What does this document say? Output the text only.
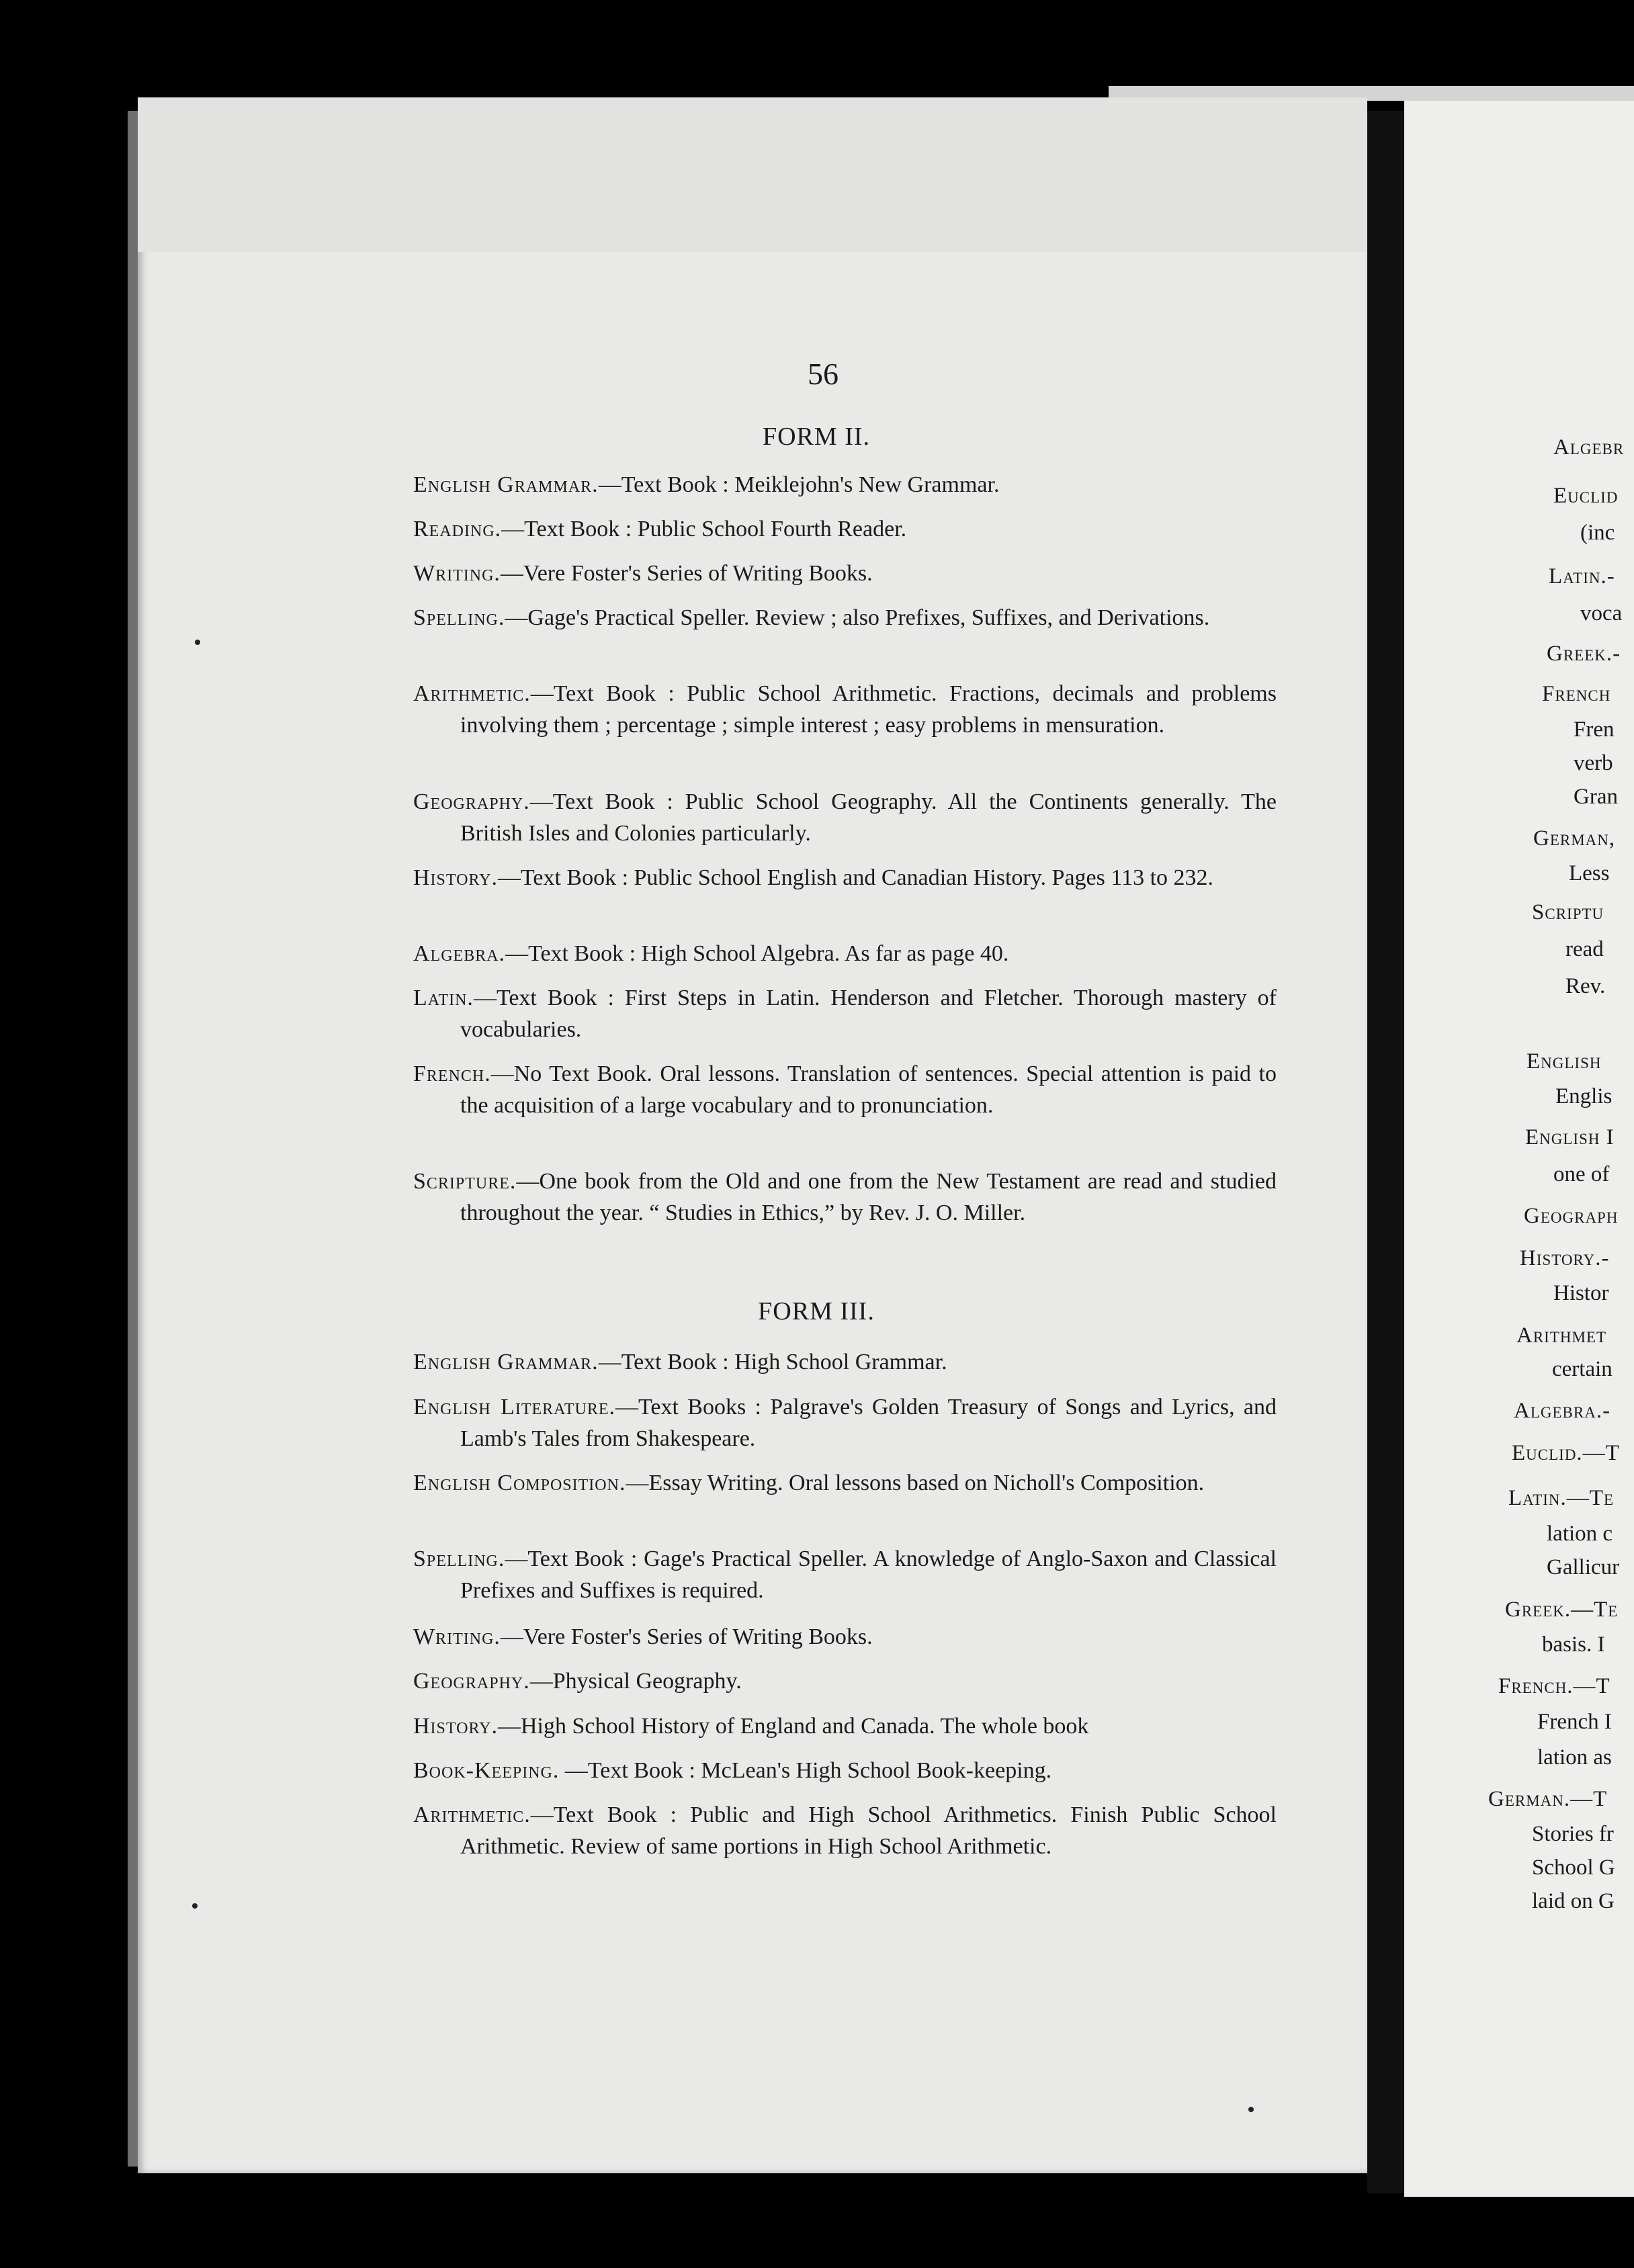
56
FORM II.
English Grammar.—Text Book : Meiklejohn's New Grammar.
Reading.—Text Book : Public School Fourth Reader.
Writing.—Vere Foster's Series of Writing Books.
Spelling.—Gage's Practical Speller. Review ; also Prefixes, Suffixes, and Derivations.
Arithmetic.—Text Book : Public School Arithmetic. Fractions, decimals and problems involving them ; percentage ; simple interest ; easy problems in mensuration.
Geography.—Text Book : Public School Geography. All the Continents generally. The British Isles and Colonies particularly.
History.—Text Book : Public School English and Canadian History. Pages 113 to 232.
Algebra.—Text Book : High School Algebra. As far as page 40.
Latin.—Text Book : First Steps in Latin. Henderson and Fletcher. Thorough mastery of vocabularies.
French.—No Text Book. Oral lessons. Translation of sentences. Special attention is paid to the acquisition of a large vocabulary and to pronunciation.
Scripture.—One book from the Old and one from the New Testament are read and studied throughout the year. “ Studies in Ethics,” by Rev. J. O. Miller.
FORM III.
English Grammar.—Text Book : High School Grammar.
English Literature.—Text Books : Palgrave's Golden Treasury of Songs and Lyrics, and Lamb's Tales from Shakespeare.
English Composition.—Essay Writing. Oral lessons based on Nicholl's Composition.
Spelling.—Text Book : Gage's Practical Speller. A knowledge of Anglo-Saxon and Classical Prefixes and Suffixes is required.
Writing.—Vere Foster's Series of Writing Books.
Geography.—Physical Geography.
History.—High School History of England and Canada. The whole book
Book-Keeping. —Text Book : McLean's High School Book-keeping.
Arithmetic.—Text Book : Public and High School Arithmetics. Finish Public School Arithmetic. Review of same portions in High School Arithmetic.
Algebr
Euclid
(inc
Latin.-
voca
Greek.-
French
Fren
verb
Gran
German,
Less
Scriptu
read
Rev.
English
Englis
English I
one of
Geograph
History.-
Histor
Arithmet
certain
Algebra.-
Euclid.—T
Latin.—Te
lation c
Gallicur
Greek.—Te
basis. I
French.—T
French I
lation as
German.—T
Stories fr
School G
laid on G
